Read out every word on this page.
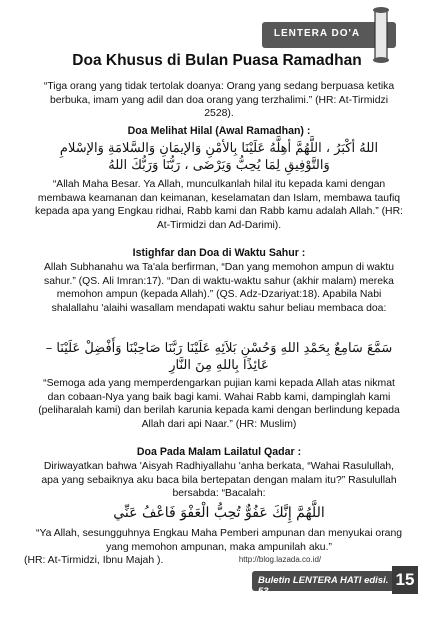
LENTERA DO'A
Doa Khusus di Bulan Puasa Ramadhan

“Tiga orang yang tidak tertolak doanya: Orang yang sedang berpuasa ketika berbuka, imam yang adil dan doa orang yang terzhalimi.” (HR: At-Tirmidzi 2528).

Doa Melihat Hilal (Awal Ramadhan) :
اللهُ أكْبَرُ ، اللَّهُمَّ أهِلَّهُ عَلَيْنَا بِالأمْنِ وَالإيمَانِ وَالسَّلامَةِ وَالإسْلامِ وَالتَّوْفِيقِ لِمَا يُحِبُّ وَيَرْضَى ، رَبُّنَا وَرَبُّكَ اللهُ

“Allah Maha Besar. Ya Allah, munculkanlah hilal itu kepada kami dengan membawa keamanan dan keimanan, keselamatan dan Islam, membawa taufiq kepada apa yang Engkau ridhai, Rabb kami dan Rabb kamu adalah Allah.” (HR: At-Tirmidzi dan Ad-Darimi).

Istighfar dan Doa di Waktu Sahur :

Allah Subhanahu wa Ta'ala berfirman, “Dan yang memohon ampun di waktu sahur.” (QS. Ali Imran:17). “Dan di waktu-waktu sahur (akhir malam) mereka memohon ampun (kepada Allah).” (QS. Adz-Dzariyat:18). Apabila Nabi shalallahu 'alaihi wasallam mendapati waktu sahur beliau membaca doa:

سَمَّعَ سَامِعٌ بِحَمْدِ اللهِ وَحُسْنِ بَلاَئِهِ عَلَيْنَا رَبَّنَا صَاحِبْنَا وَأَفْضِلْ عَلَيْنَا – عَائِذًا بِاللهِ مِنَ النَّارِ

“Semoga ada yang memperdengarkan pujian kami kepada Allah atas nikmat dan cobaan-Nya yang baik bagi kami. Wahai Rabb kami, dampinglah kami (peliharalah kami) dan berilah karunia kepada kami dengan berlindung kepada Allah dari api Naar.” (HR: Muslim)

Doa Pada Malam Lailatul Qadar :

Diriwayatkan bahwa 'Aisyah Radhiyallahu 'anha berkata, “Wahai Rasulullah, apa yang sebaiknya aku baca bila bertepatan dengan malam itu?” Rasulullah bersabda: “Bacalah:

اللَّهُمَّ إِنَّكَ عَفُوٌّ تُحِبُّ الْعَفْوَ فَاعْفُ عَنِّي

“Ya Allah, sesungguhnya Engkau Maha Pemberi ampunan dan menyukai orang yang memohon ampunan, maka ampunilah aku.”

(HR: At-Tirmidzi, Ibnu Majah ).	http://blog.lazada.co.id/
Buletin LENTERA HATI edisi. 53
15
